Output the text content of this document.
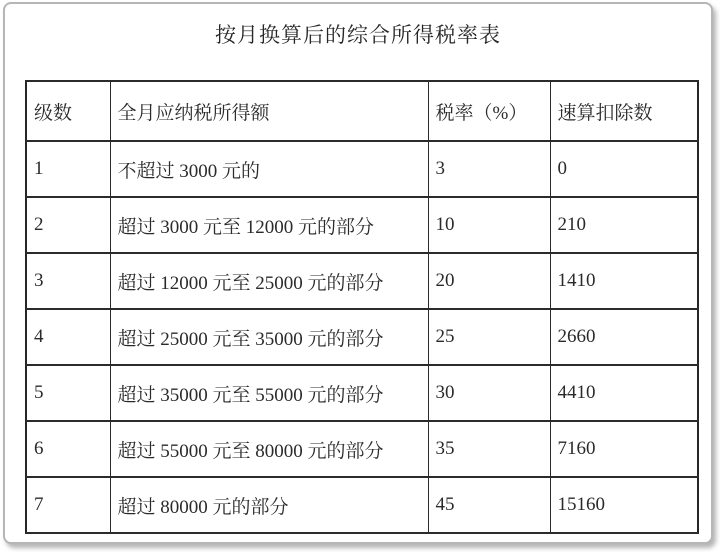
按月换算后的综合所得税率表
级数	全月应纳税所得额	税率（%）	速算扣除数
1	不超过 3000 元的	3	0
2	超过 3000 元至 12000 元的部分	10	210
3	超过 12000 元至 25000 元的部分	20	1410
4	超过 25000 元至 35000 元的部分	25	2660
5	超过 35000 元至 55000 元的部分	30	4410
6	超过 55000 元至 80000 元的部分	35	7160
7	超过 80000 元的部分	45	15160
